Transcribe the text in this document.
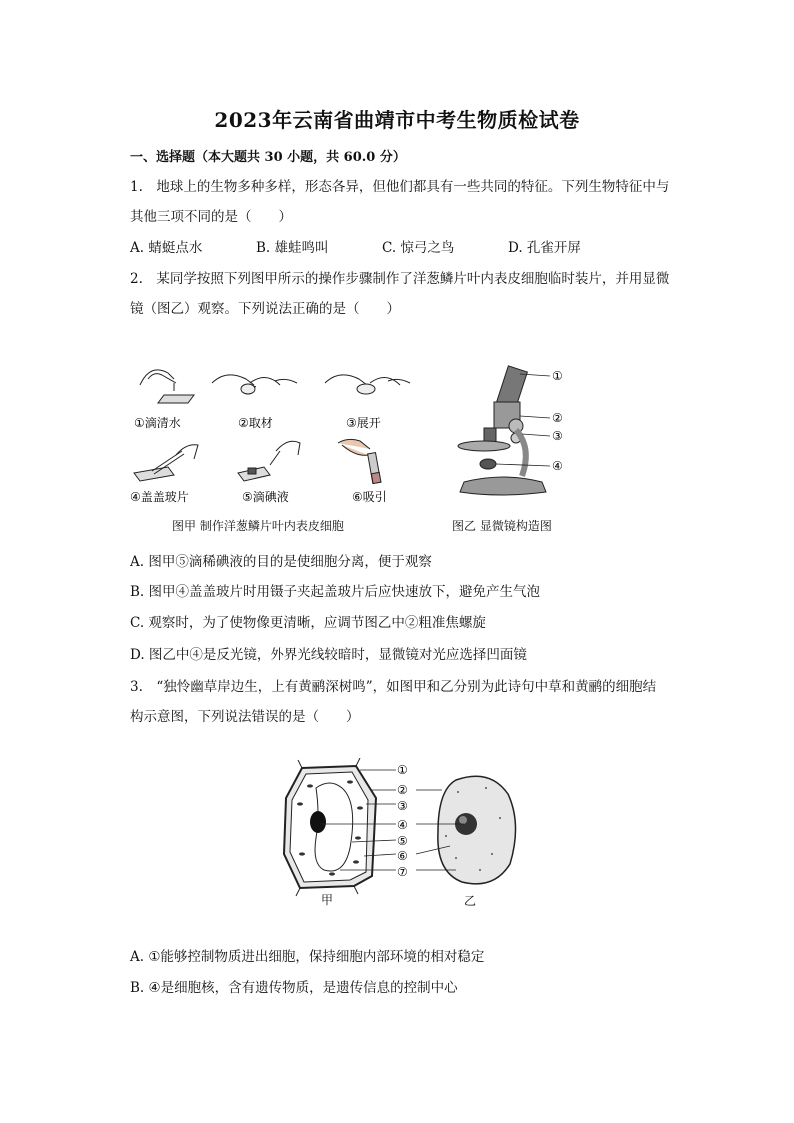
2023年云南省曲靖市中考生物质检试卷
一、选择题（本大题共 30 小题，共 60.0 分）
1.　地球上的生物多种多样，形态各异，但他们都具有一些共同的特征。下列生物特征中与
其他三项不同的是（　　）
A. 蜻蜓点水	B. 雄蛙鸣叫	C. 惊弓之鸟	D. 孔雀开屏
2.　某同学按照下列图甲所示的操作步骤制作了洋葱鳞片叶内表皮细胞临时装片，并用显微
镜（图乙）观察。下列说法正确的是（　　）
①滴清水	②取材	③展开
④盖盖玻片	⑤滴碘液	⑥吸引
图甲 制作洋葱鳞片叶内表皮细胞
①
②
③
④
图乙 显微镜构造图
A. 图甲⑤滴稀碘液的目的是使细胞分离，便于观察
B. 图甲④盖盖玻片时用镊子夹起盖玻片后应快速放下，避免产生气泡
C. 观察时，为了使物像更清晰，应调节图乙中②粗准焦螺旋
D. 图乙中④是反光镜，外界光线较暗时，显微镜对光应选择凹面镜
3.　“独怜幽草岸边生，上有黄鹂深树鸣”，如图甲和乙分别为此诗句中草和黄鹂的细胞结
构示意图，下列说法错误的是（　　）
①
②
③
④
⑤
⑥
⑦
甲	乙
A. ①能够控制物质进出细胞，保持细胞内部环境的相对稳定
B. ④是细胞核，含有遗传物质，是遗传信息的控制中心
